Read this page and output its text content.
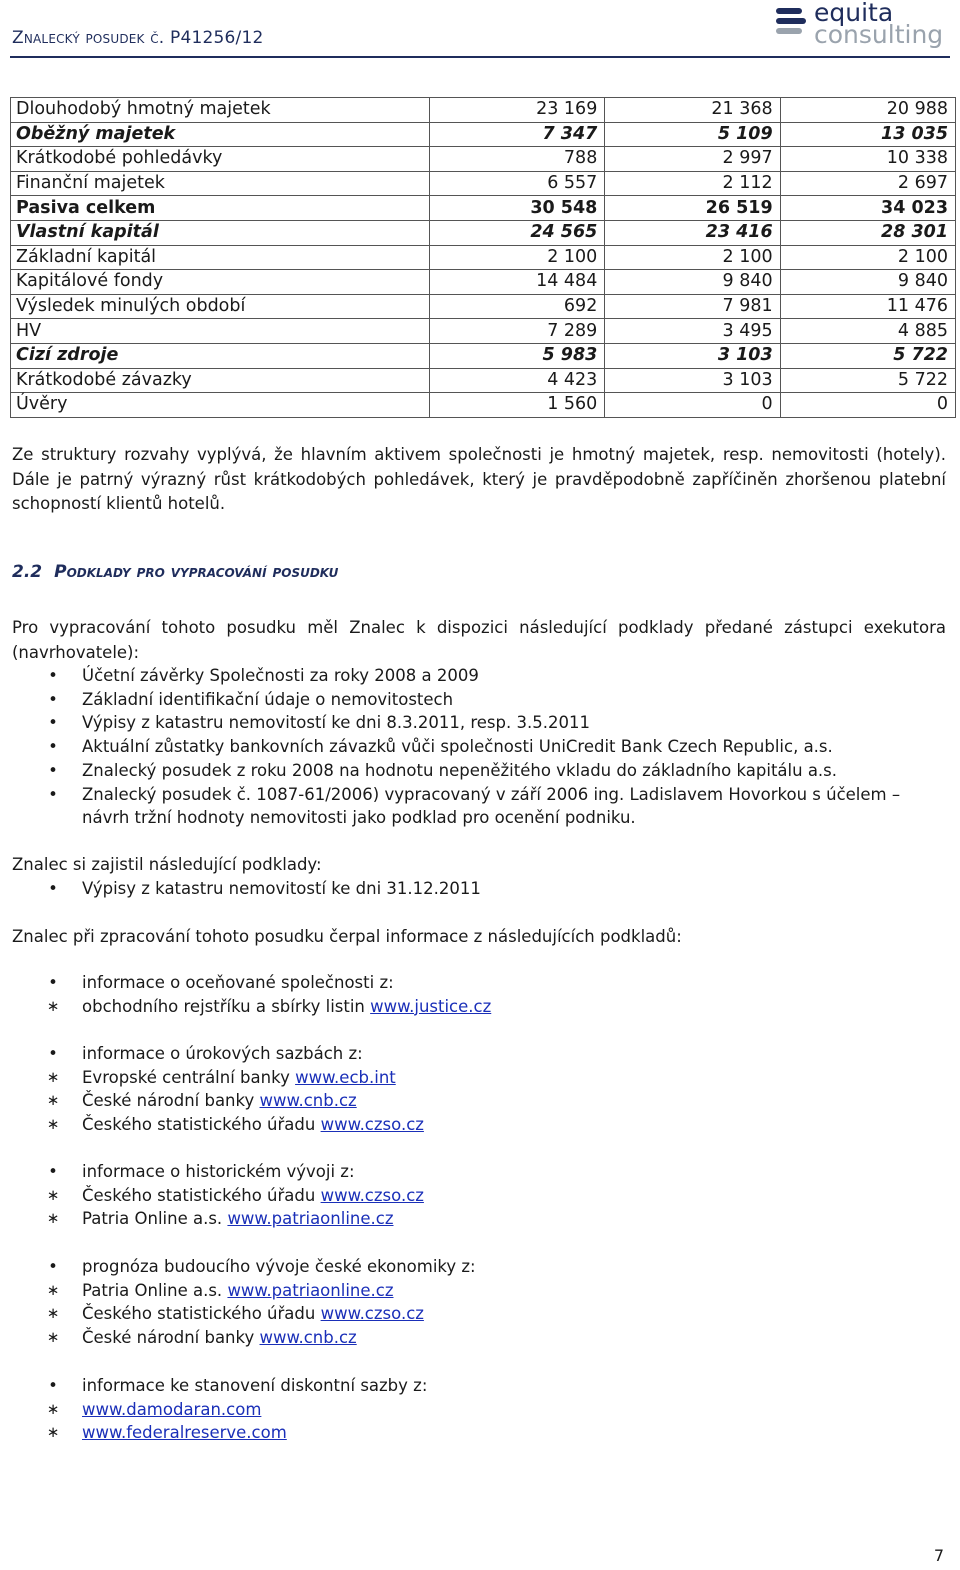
Znalecký posudek č. P41256/12
equita
consulting
Dlouhodobý hmotný majetek	23 169	21 368	20 988
Oběžný majetek	7 347	5 109	13 035
Krátkodobé pohledávky	788	2 997	10 338
Finanční majetek	6 557	2 112	2 697
Pasiva celkem	30 548	26 519	34 023
Vlastní kapitál	24 565	23 416	28 301
Základní kapitál	2 100	2 100	2 100
Kapitálové fondy	14 484	9 840	9 840
Výsledek minulých období	692	7 981	11 476
HV	7 289	3 495	4 885
Cizí zdroje	5 983	3 103	5 722
Krátkodobé závazky	4 423	3 103	5 722
Úvěry	1 560	0	0
Ze struktury rozvahy vyplývá, že hlavním aktivem společnosti je hmotný majetek, resp. nemovitosti (hotely). Dále je patrný výrazný růst krátkodobých pohledávek, který je pravděpodobně zapříčiněn zhoršenou platební schopností klientů hotelů.
2.2 Podklady pro vypracování posudku
Pro vypracování tohoto posudku měl Znalec k dispozici následující podklady předané zástupci exekutora (navrhovatele):
•	Účetní závěrky Společnosti za roky 2008 a 2009
•	Základní identifikační údaje o nemovitostech
•	Výpisy z katastru nemovitostí ke dni 8.3.2011, resp. 3.5.2011
•	Aktuální zůstatky bankovních závazků vůči společnosti UniCredit Bank Czech Republic, a.s.
•	Znalecký posudek z roku 2008 na hodnotu nepeněžitého vkladu do základního kapitálu a.s.
•	Znalecký posudek č. 1087-61/2006) vypracovaný v září 2006 ing. Ladislavem Hovorkou s účelem –
návrh tržní hodnoty nemovitosti jako podklad pro ocenění podniku.
Znalec si zajistil následující podklady:
•	Výpisy z katastru nemovitostí ke dni 31.12.2011
Znalec při zpracování tohoto posudku čerpal informace z následujících podkladů:
•	informace o oceňované společnosti z:
∗ obchodního rejstříku a sbírky listin www.justice.cz
•	informace o úrokových sazbách z:
∗ Evropské centrální banky www.ecb.int
∗ České národní banky www.cnb.cz
∗ Českého statistického úřadu www.czso.cz
•	informace o historickém vývoji z:
∗ Českého statistického úřadu www.czso.cz
∗ Patria Online a.s. www.patriaonline.cz
•	prognóza budoucího vývoje české ekonomiky z:
∗ Patria Online a.s. www.patriaonline.cz
∗ Českého statistického úřadu www.czso.cz
∗ České národní banky www.cnb.cz
•	informace ke stanovení diskontní sazby z:
∗ www.damodaran.com
∗ www.federalreserve.com
7
